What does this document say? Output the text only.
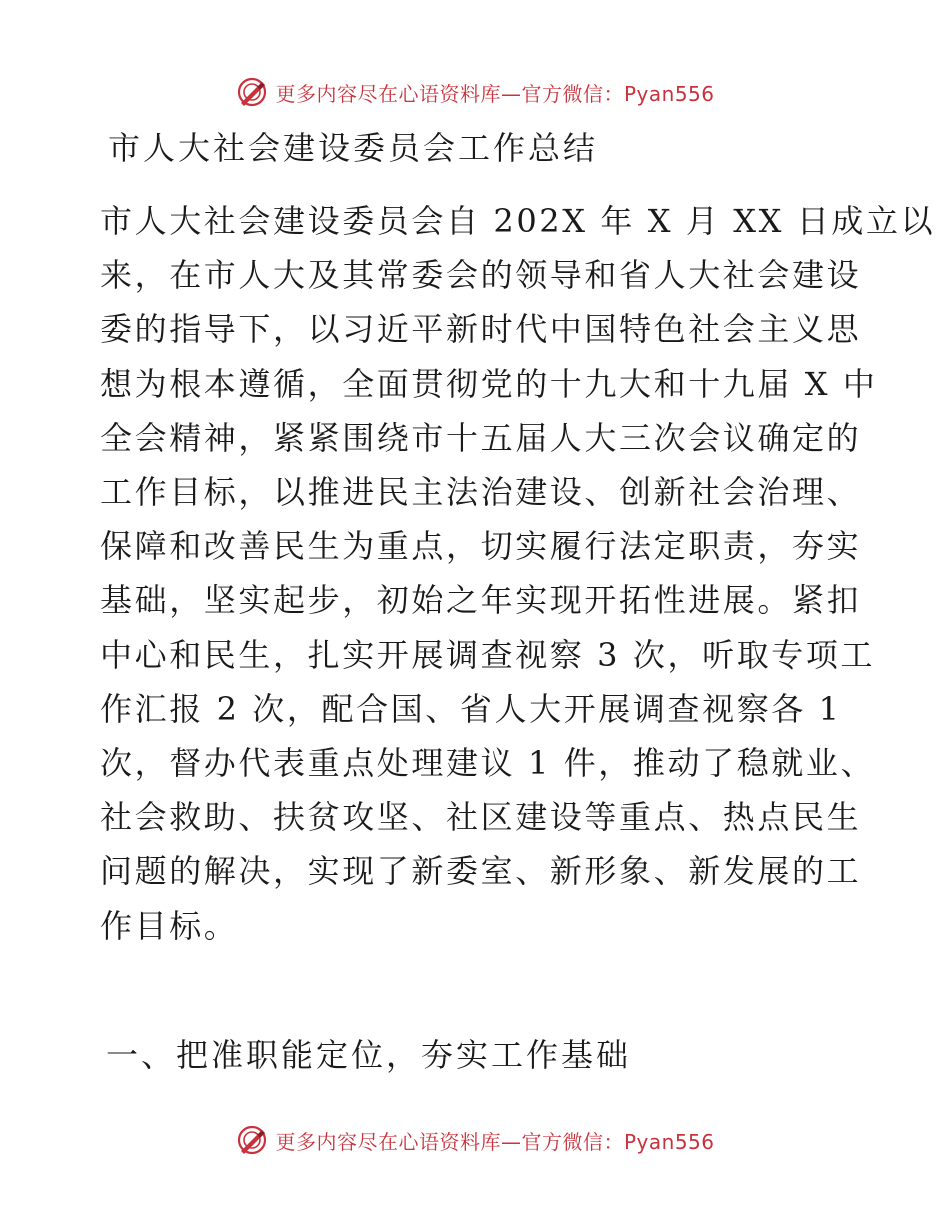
更多内容尽在心语资料库—官方微信：Pyan556
市人大社会建设委员会工作总结
市人大社会建设委员会自 202X 年 X 月 XX 日成立以
来，在市人大及其常委会的领导和省人大社会建设
委的指导下，以习近平新时代中国特色社会主义思
想为根本遵循，全面贯彻党的十九大和十九届 X 中
全会精神，紧紧围绕市十五届人大三次会议确定的
工作目标，以推进民主法治建设、创新社会治理、
保障和改善民生为重点，切实履行法定职责，夯实
基础，坚实起步，初始之年实现开拓性进展。紧扣
中心和民生，扎实开展调查视察 3 次，听取专项工
作汇报 2 次，配合国、省人大开展调查视察各 1
次，督办代表重点处理建议 1 件，推动了稳就业、
社会救助、扶贫攻坚、社区建设等重点、热点民生
问题的解决，实现了新委室、新形象、新发展的工
作目标。
一、把准职能定位，夯实工作基础
更多内容尽在心语资料库—官方微信：Pyan556
